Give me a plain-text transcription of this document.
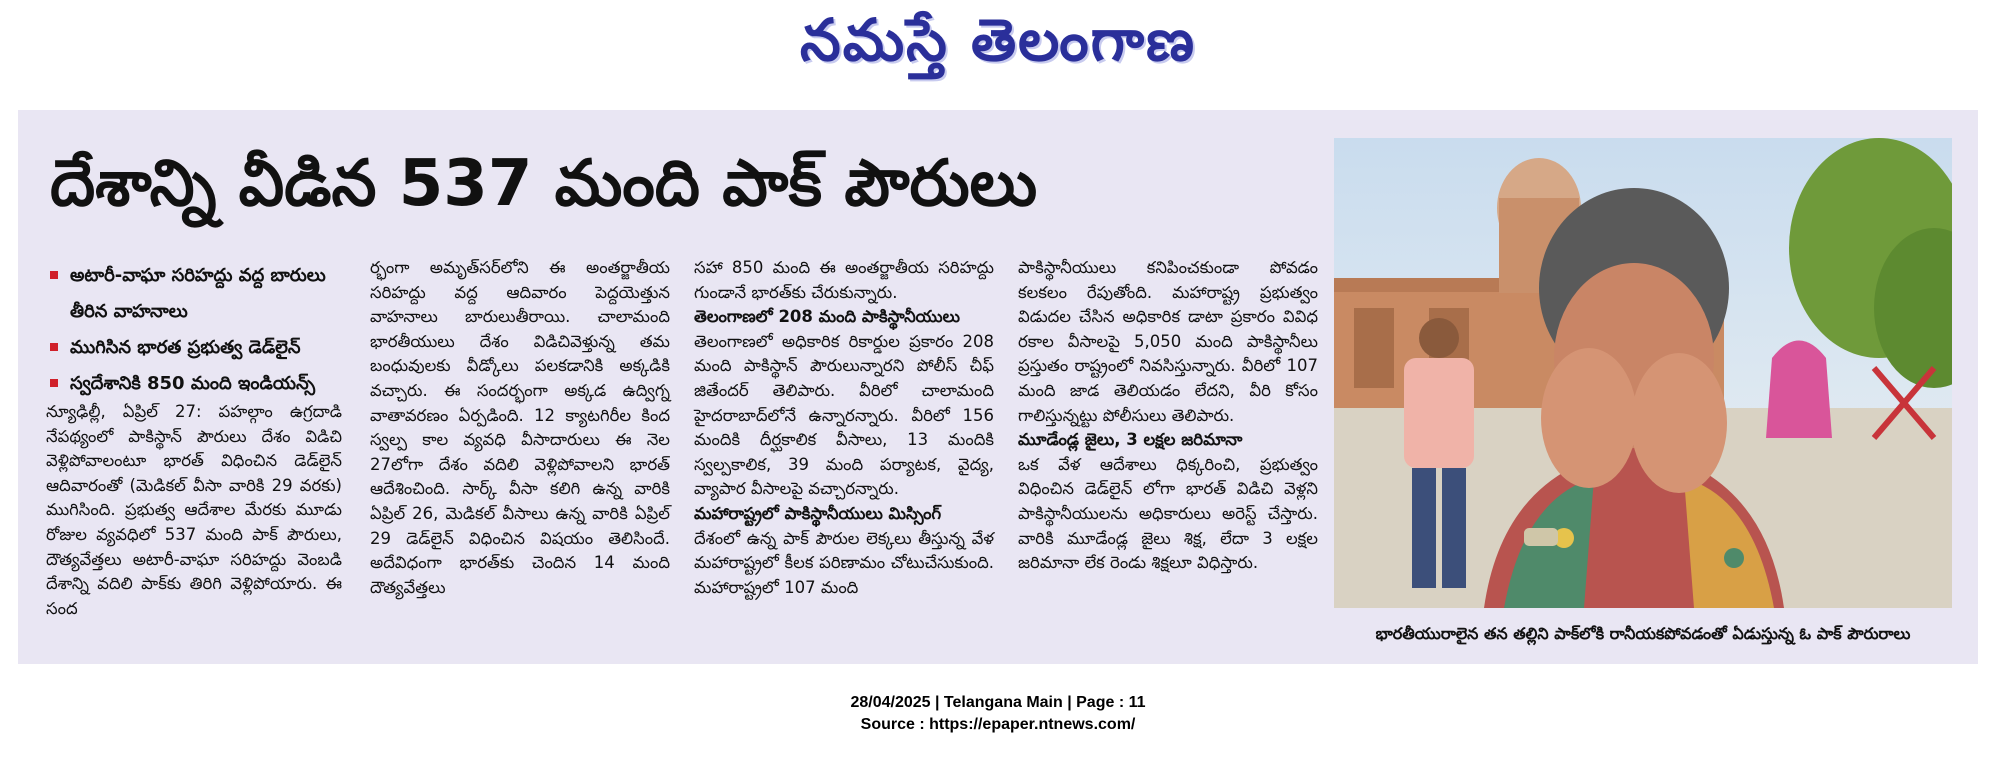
నమస్తే తెలంగాణ
దేశాన్ని వీడిన 537 మంది పాక్ పౌరులు
అటారీ-వాఘా సరిహద్దు వద్ద బారులు తీరిన వాహనాలు
ముగిసిన భారత ప్రభుత్వ డెడ్‌లైన్
స్వదేశానికి 850 మంది ఇండియన్స్

న్యూఢిల్లీ, ఏప్రిల్ 27: పహల్గాం ఉగ్రదాడి నేపథ్యంలో పాకిస్థాన్ పౌరులు దేశం విడిచి వెళ్లిపోవాలంటూ భారత్ విధించిన డెడ్‌లైన్ ఆదివారంతో (మెడికల్ వీసా వారికి 29 వరకు) ముగిసింది. ప్రభుత్వ ఆదేశాల మేరకు మూడు రోజుల వ్యవధిలో 537 మంది పాక్ పౌరులు, దౌత్యవేత్తలు అటారీ-వాఘా సరిహద్దు వెంబడి దేశాన్ని వదిలి పాక్‌కు తిరిగి వెళ్లిపోయారు. ఈ సంద

ర్భంగా అమృత్‌సర్‌లోని ఈ అంతర్జాతీయ సరిహద్దు వద్ద ఆదివారం పెద్దయెత్తున వాహనాలు బారులుతీరాయి. చాలామంది భారతీయులు దేశం విడిచివెళ్తున్న తమ బంధువులకు వీడ్కోలు పలకడానికి అక్కడికి వచ్చారు. ఈ సందర్భంగా అక్కడ ఉద్విగ్న వాతావరణం ఏర్పడింది. 12 క్యాటగిరీల కింద స్వల్ప కాల వ్యవధి వీసాదారులు ఈ నెల 27లోగా దేశం వదిలి వెళ్లిపోవాలని భారత్ ఆదేశించింది. సార్క్ వీసా కలిగి ఉన్న వారికి ఏప్రిల్ 26, మెడికల్ వీసాలు ఉన్న వారికి ఏప్రిల్ 29 డెడ్‌లైన్ విధించిన విషయం తెలిసిందే. అదేవిధంగా భారత్‌కు చెందిన 14 మంది దౌత్యవేత్తలు

సహా 850 మంది ఈ అంతర్జాతీయ సరిహద్దు గుండానే భారత్‌కు చేరుకున్నారు.

తెలంగాణలో 208 మంది పాకిస్థానీయులు

తెలంగాణలో అధికారిక రికార్డుల ప్రకారం 208 మంది పాకిస్థాన్ పౌరులున్నారని పోలీస్ చీఫ్ జితేందర్ తెలిపారు. వీరిలో చాలామంది హైదరాబాద్‌లోనే ఉన్నారన్నారు. వీరిలో 156 మందికి దీర్ఘకాలిక వీసాలు, 13 మందికి స్వల్పకాలిక, 39 మంది పర్యాటక, వైద్య, వ్యాపార వీసాలపై వచ్చారన్నారు.

మహారాష్ట్రలో పాకిస్థానీయులు మిస్సింగ్

దేశంలో ఉన్న పాక్ పౌరుల లెక్కలు తీస్తున్న వేళ మహారాష్ట్రలో కీలక పరిణామం చోటుచేసుకుంది. మహారాష్ట్రలో 107 మంది

పాకిస్థానీయులు కనిపించకుండా పోవడం కలకలం రేపుతోంది. మహారాష్ట్ర ప్రభుత్వం విడుదల చేసిన అధికారిక డాటా ప్రకారం వివిధ రకాల వీసాలపై 5,050 మంది పాకిస్థానీలు ప్రస్తుతం రాష్ట్రంలో నివసిస్తున్నారు. వీరిలో 107 మంది జాడ తెలియడం లేదని, వీరి కోసం గాలిస్తున్నట్టు పోలీసులు తెలిపారు.

మూడేండ్ల జైలు, 3 లక్షల జరిమానా

ఒక వేళ ఆదేశాలు ధిక్కరించి, ప్రభుత్వం విధించిన డెడ్‌లైన్ లోగా భారత్ విడిచి వెళ్లని పాకిస్థానీయులను అధికారులు అరెస్ట్ చేస్తారు. వారికి మూడేండ్ల జైలు శిక్ష, లేదా 3 లక్షల జరిమానా లేక రెండు శిక్షలూ విధిస్తారు.

భారతీయురాలైన తన తల్లిని పాక్‌లోకి రానీయకపోవడంతో ఏడుస్తున్న ఓ పాక్ పౌరురాలు
28/04/2025 | Telangana Main | Page : 11
Source : https://epaper.ntnews.com/
